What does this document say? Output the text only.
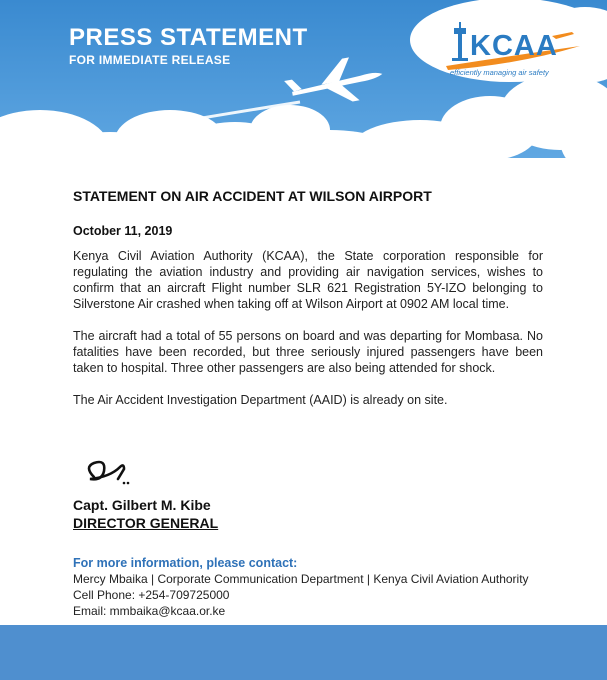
PRESS STATEMENT

FOR IMMEDIATE RELEASE	KCAA
efficiently managing air safety

STATEMENT ON AIR ACCIDENT AT WILSON AIRPORT

October 11, 2019

Kenya Civil Aviation Authority (KCAA), the State corporation responsible for regulating the aviation industry and providing air navigation services, wishes to confirm that an aircraft Flight number SLR 621 Registration 5Y-IZO belonging to Silverstone Air crashed when taking off at Wilson Airport at 0902 AM local time.

The aircraft had a total of 55 persons on board and was departing for Mombasa. No fatalities have been recorded, but three seriously injured passengers have been taken to hospital. Three other passengers are also being attended for shock.

The Air Accident Investigation Department (AAID) is already on site.

Capt. Gilbert M. Kibe

DIRECTOR GENERAL

For more information, please contact:

Mercy Mbaika | Corporate Communication Department | Kenya Civil Aviation Authority

Cell Phone: +254-709725000

Email: mmbaika@kcaa.or.ke
